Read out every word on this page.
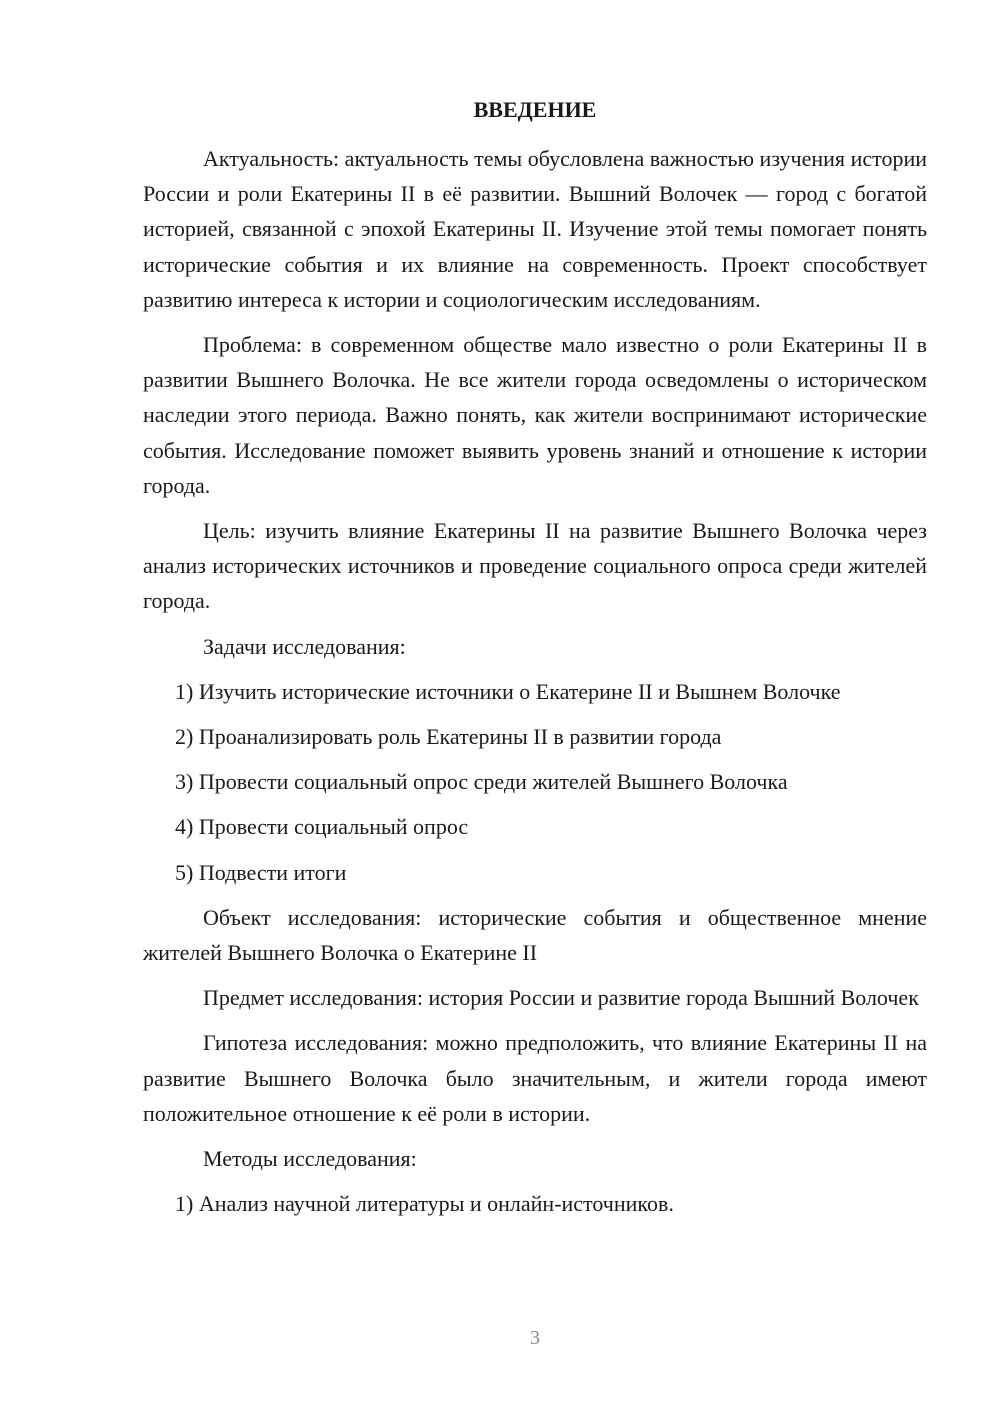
ВВЕДЕНИЕ

Актуальность: актуальность темы обусловлена важностью изучения истории России и роли Екатерины II в её развитии. Вышний Волочек — город с богатой историей, связанной с эпохой Екатерины II. Изучение этой темы помогает понять исторические события и их влияние на современность. Проект способствует развитию интереса к истории и социологическим исследованиям.

Проблема: в современном обществе мало известно о роли Екатерины II в развитии Вышнего Волочка. Не все жители города осведомлены о историческом наследии этого периода. Важно понять, как жители воспринимают исторические события. Исследование поможет выявить уровень знаний и отношение к истории города.

Цель: изучить влияние Екатерины II на развитие Вышнего Волочка через анализ исторических источников и проведение социального опроса среди жителей города.

Задачи исследования:

1) Изучить исторические источники о Екатерине II и Вышнем Волочке
2) Проанализировать роль Екатерины II в развитии города
3) Провести социальный опрос среди жителей Вышнего Волочка
4) Провести социальный опрос
5) Подвести итоги

Объект исследования: исторические события и общественное мнение жителей Вышнего Волочка о Екатерине II

Предмет исследования: история России и развитие города Вышний Волочек

Гипотеза исследования: можно предположить, что влияние Екатерины II на развитие Вышнего Волочка было значительным, и жители города имеют положительное отношение к её роли в истории.

Методы исследования:

1) Анализ научной литературы и онлайн-источников.
3
